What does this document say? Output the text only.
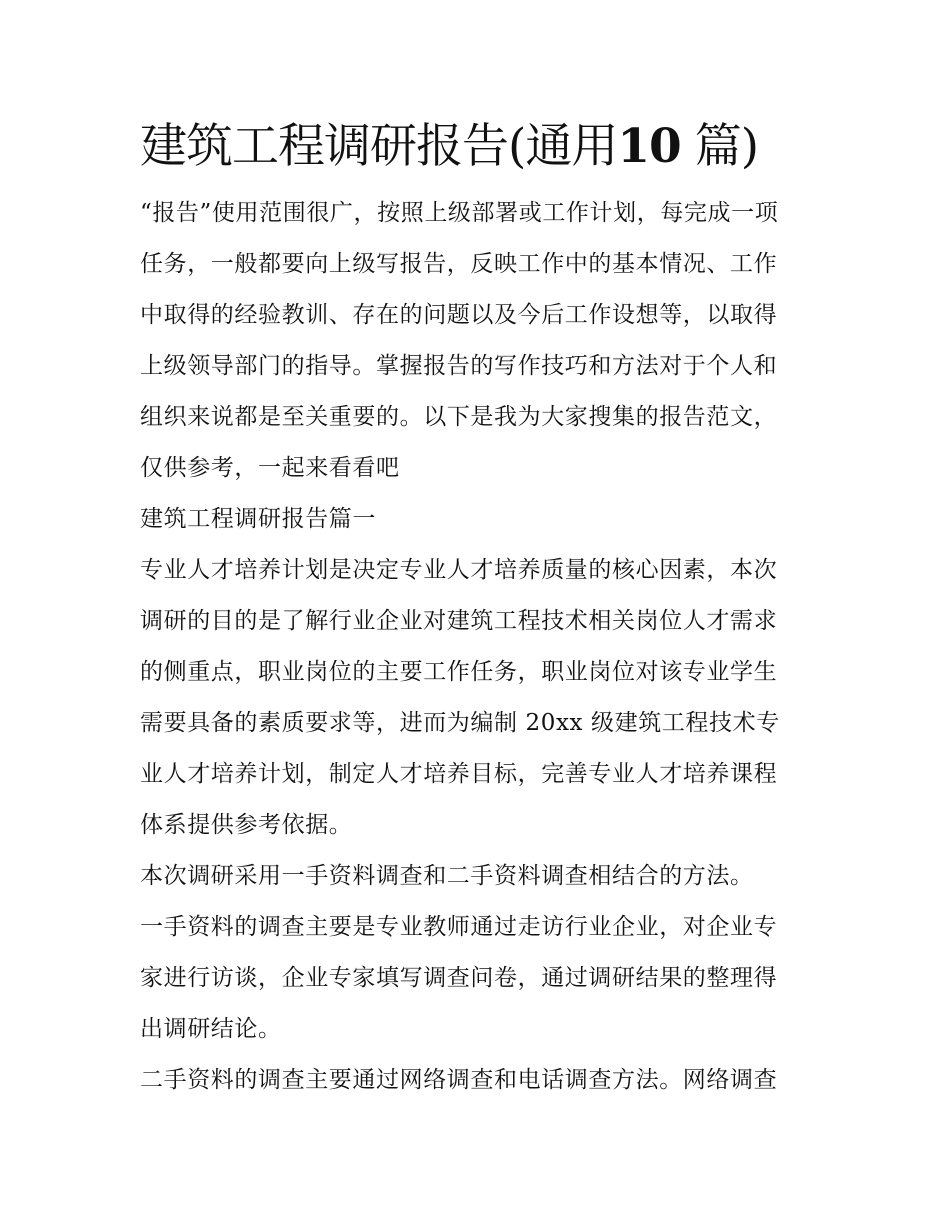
建筑工程调研报告(通用10 篇)

“报告”使用范围很广，按照上级部署或工作计划，每完成一项
任务，一般都要向上级写报告，反映工作中的基本情况、工作
中取得的经验教训、存在的问题以及今后工作设想等，以取得
上级领导部门的指导。掌握报告的写作技巧和方法对于个人和
组织来说都是至关重要的。以下是我为大家搜集的报告范文，
仅供参考，一起来看看吧

建筑工程调研报告篇一

专业人才培养计划是决定专业人才培养质量的核心因素，本次
调研的目的是了解行业企业对建筑工程技术相关岗位人才需求
的侧重点，职业岗位的主要工作任务，职业岗位对该专业学生
需要具备的素质要求等，进而为编制 20xx 级建筑工程技术专
业人才培养计划，制定人才培养目标，完善专业人才培养课程
体系提供参考依据。

本次调研采用一手资料调查和二手资料调查相结合的方法。

一手资料的调查主要是专业教师通过走访行业企业，对企业专
家进行访谈，企业专家填写调查问卷，通过调研结果的整理得
出调研结论。

二手资料的调查主要通过网络调查和电话调查方法。网络调查
